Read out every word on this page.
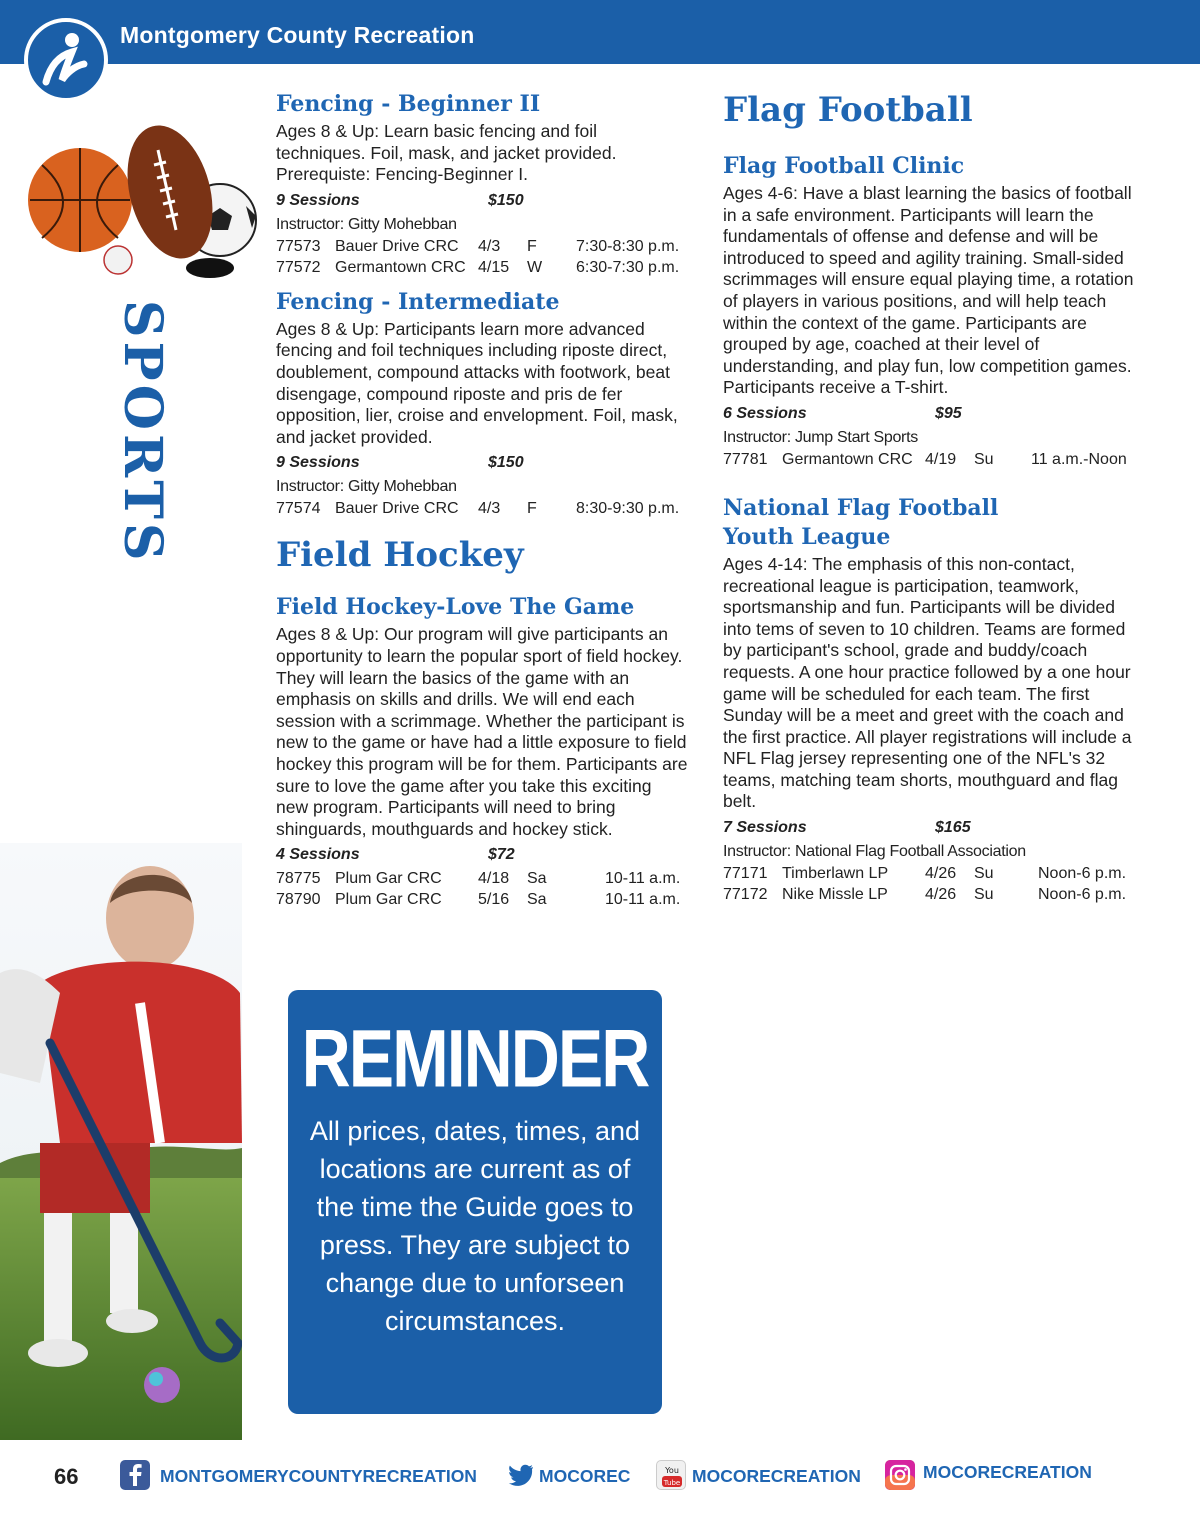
Montgomery County Recreation
SPORTS
Fencing - Beginner II
Ages 8 & Up: Learn basic fencing and foil techniques. Foil, mask, and jacket provided. Prerequiste: Fencing-Beginner I.
9 Sessions	$150
Instructor: Gitty Mohebban
77573 Bauer Drive CRC 4/3 F 7:30-8:30 p.m.
77572 Germantown CRC 4/15 W 6:30-7:30 p.m.
Fencing - Intermediate
Ages 8 & Up: Participants learn more advanced fencing and foil techniques including riposte direct, doublement, compound attacks with footwork, beat disengage, compound riposte and pris de fer opposition, lier, croise and envelopment. Foil, mask, and jacket provided.
9 Sessions	$150
Instructor: Gitty Mohebban
77574 Bauer Drive CRC 4/3 F 8:30-9:30 p.m.
Field Hockey
Field Hockey-Love The Game
Ages 8 & Up: Our program will give participants an opportunity to learn the popular sport of field hockey. They will learn the basics of the game with an emphasis on skills and drills. We will end each session with a scrimmage. Whether the participant is new to the game or have had a little exposure to field hockey this program will be for them. Participants are sure to love the game after you take this exciting new program. Participants will need to bring shinguards, mouthguards and hockey stick.
4 Sessions	$72
78775 Plum Gar CRC 4/18 Sa	10-11 a.m.
78790 Plum Gar CRC 5/16 Sa	10-11 a.m.
Flag Football
Flag Football Clinic
Ages 4-6: Have a blast learning the basics of football in a safe environment. Participants will learn the fundamentals of offense and defense and will be introduced to speed and agility training. Small-sided scrimmages will ensure equal playing time, a rotation of players in various positions, and will help teach within the context of the game. Participants are grouped by age, coached at their level of understanding, and play fun, low competition games. Participants receive a T-shirt.
6 Sessions	$95
Instructor: Jump Start Sports
77781 Germantown CRC 4/19 Su 11 a.m.-Noon
National Flag Football
Youth League
Ages 4-14: The emphasis of this non-contact, recreational league is participation, teamwork, sportsmanship and fun. Participants will be divided into tems of seven to 10 children. Teams are formed by participant's school, grade and buddy/coach requests. A one hour practice followed by a one hour game will be scheduled for each team. The first Sunday will be a meet and greet with the coach and the first practice. All player registrations will include a NFL Flag jersey representing one of the NFL's 32 teams, matching team shorts, mouthguard and flag belt.
7 Sessions	$165
Instructor: National Flag Football Association
77171 Timberlawn LP 4/26 Su	Noon-6 p.m.
77172 Nike Missle LP 4/26 Su	Noon-6 p.m.
REMINDER
All prices, dates, times, and locations are current as of the time the Guide goes to press. They are subject to change due to unforseen circumstances.
66	MONTGOMERYCOUNTYRECREATION	MOCOREC	You
Tube MOCORECREATION	MOCORECREATION
